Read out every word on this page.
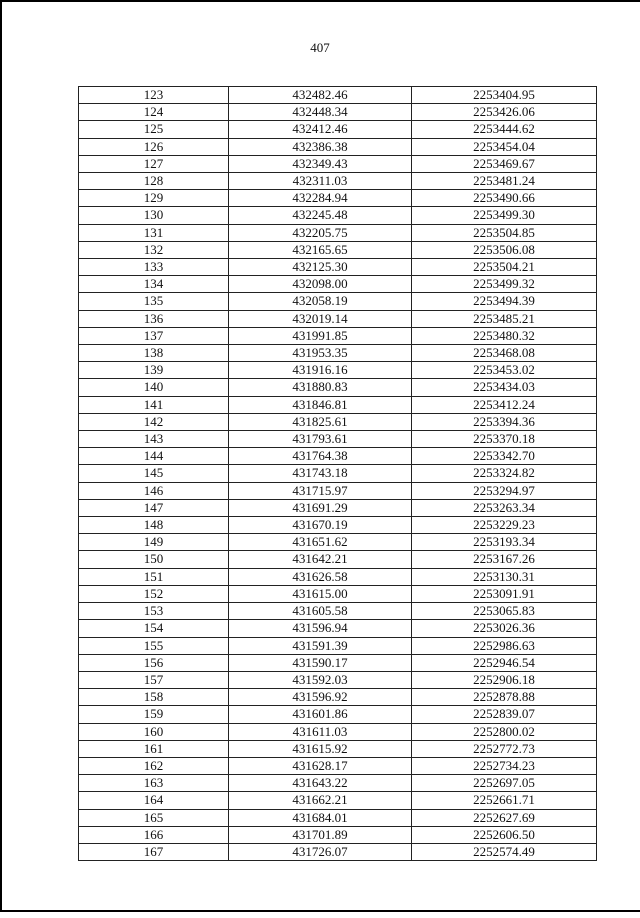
407
123	432482.46	2253404.95
124	432448.34	2253426.06
125	432412.46	2253444.62
126	432386.38	2253454.04
127	432349.43	2253469.67
128	432311.03	2253481.24
129	432284.94	2253490.66
130	432245.48	2253499.30
131	432205.75	2253504.85
132	432165.65	2253506.08
133	432125.30	2253504.21
134	432098.00	2253499.32
135	432058.19	2253494.39
136	432019.14	2253485.21
137	431991.85	2253480.32
138	431953.35	2253468.08
139	431916.16	2253453.02
140	431880.83	2253434.03
141	431846.81	2253412.24
142	431825.61	2253394.36
143	431793.61	2253370.18
144	431764.38	2253342.70
145	431743.18	2253324.82
146	431715.97	2253294.97
147	431691.29	2253263.34
148	431670.19	2253229.23
149	431651.62	2253193.34
150	431642.21	2253167.26
151	431626.58	2253130.31
152	431615.00	2253091.91
153	431605.58	2253065.83
154	431596.94	2253026.36
155	431591.39	2252986.63
156	431590.17	2252946.54
157	431592.03	2252906.18
158	431596.92	2252878.88
159	431601.86	2252839.07
160	431611.03	2252800.02
161	431615.92	2252772.73
162	431628.17	2252734.23
163	431643.22	2252697.05
164	431662.21	2252661.71
165	431684.01	2252627.69
166	431701.89	2252606.50
167	431726.07	2252574.49
